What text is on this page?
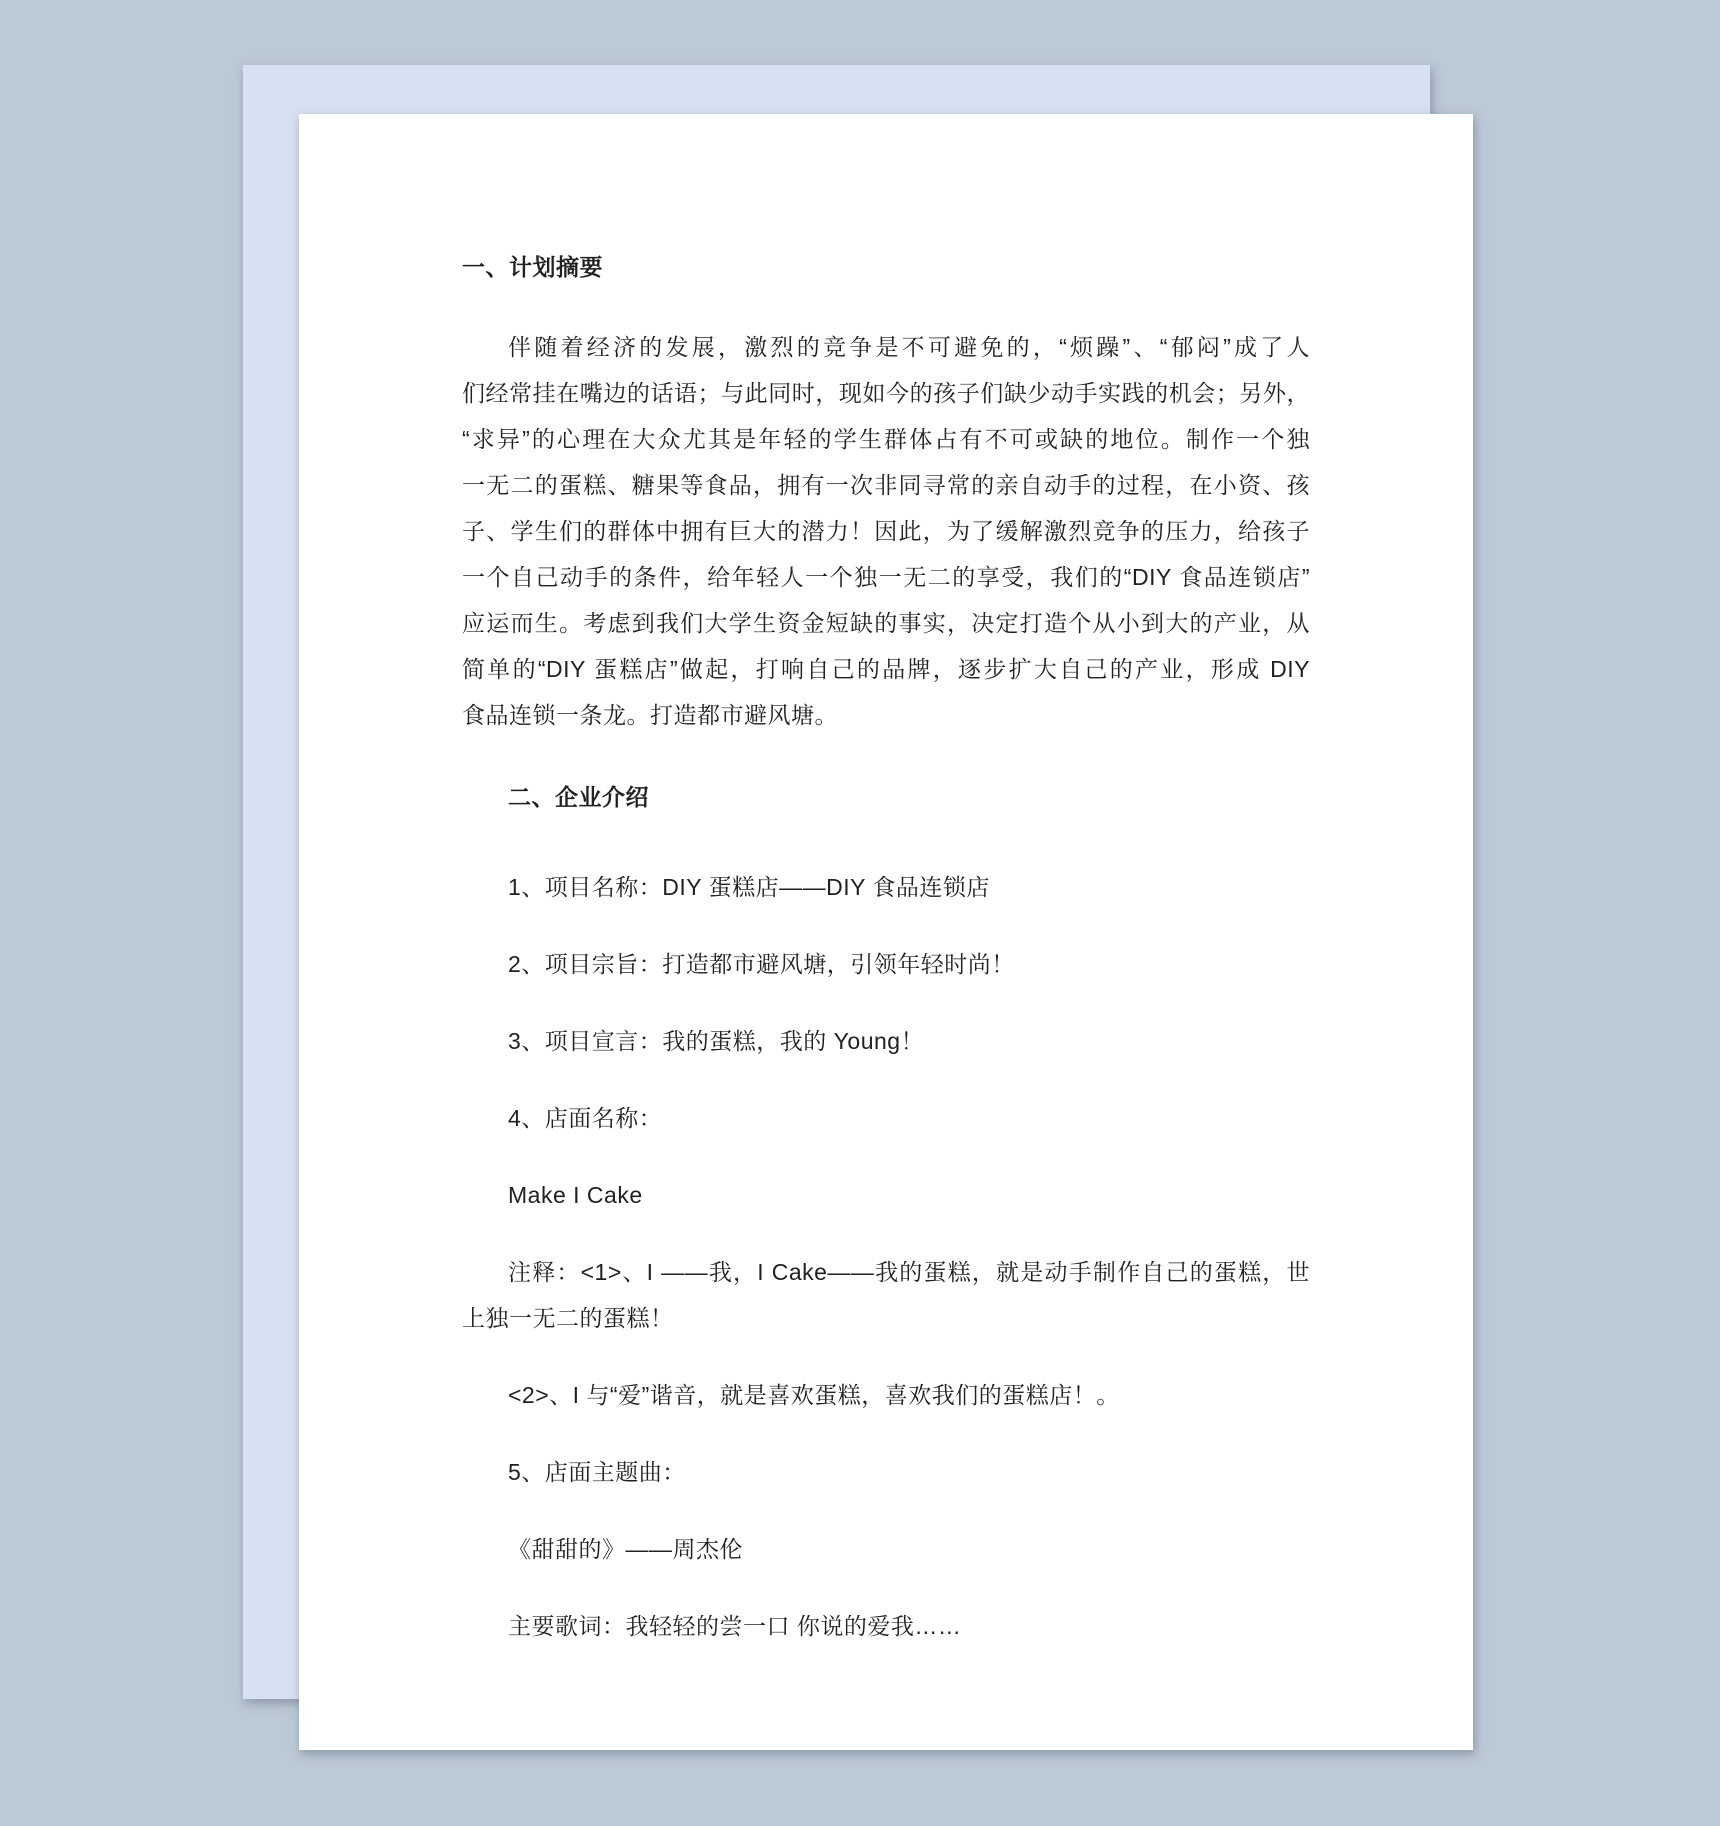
一、计划摘要
伴随着经济的发展，激烈的竞争是不可避免的，“烦躁”、“郁闷”成了人
们经常挂在嘴边的话语；与此同时，现如今的孩子们缺少动手实践的机会；另外，
“求异”的心理在大众尤其是年轻的学生群体占有不可或缺的地位。制作一个独
一无二的蛋糕、糖果等食品，拥有一次非同寻常的亲自动手的过程，在小资、孩
子、学生们的群体中拥有巨大的潜力！因此，为了缓解激烈竞争的压力，给孩子
一个自己动手的条件，给年轻人一个独一无二的享受，我们的“DIY 食品连锁店”
应运而生。考虑到我们大学生资金短缺的事实，决定打造个从小到大的产业，从
简单的“DIY 蛋糕店”做起，打响自己的品牌，逐步扩大自己的产业，形成 DIY
食品连锁一条龙。打造都市避风塘。
二、企业介绍
1、项目名称：DIY 蛋糕店——DIY 食品连锁店
2、项目宗旨：打造都市避风塘，引领年轻时尚！
3、项目宣言：我的蛋糕，我的 Young！
4、店面名称：
Make I Cake
注释：<1>、I ——我，I Cake——我的蛋糕，就是动手制作自己的蛋糕，世
上独一无二的蛋糕！
<2>、I 与“爱”谐音，就是喜欢蛋糕，喜欢我们的蛋糕店！。
5、店面主题曲：
《甜甜的》——周杰伦
主要歌词：我轻轻的尝一口 你说的爱我……
